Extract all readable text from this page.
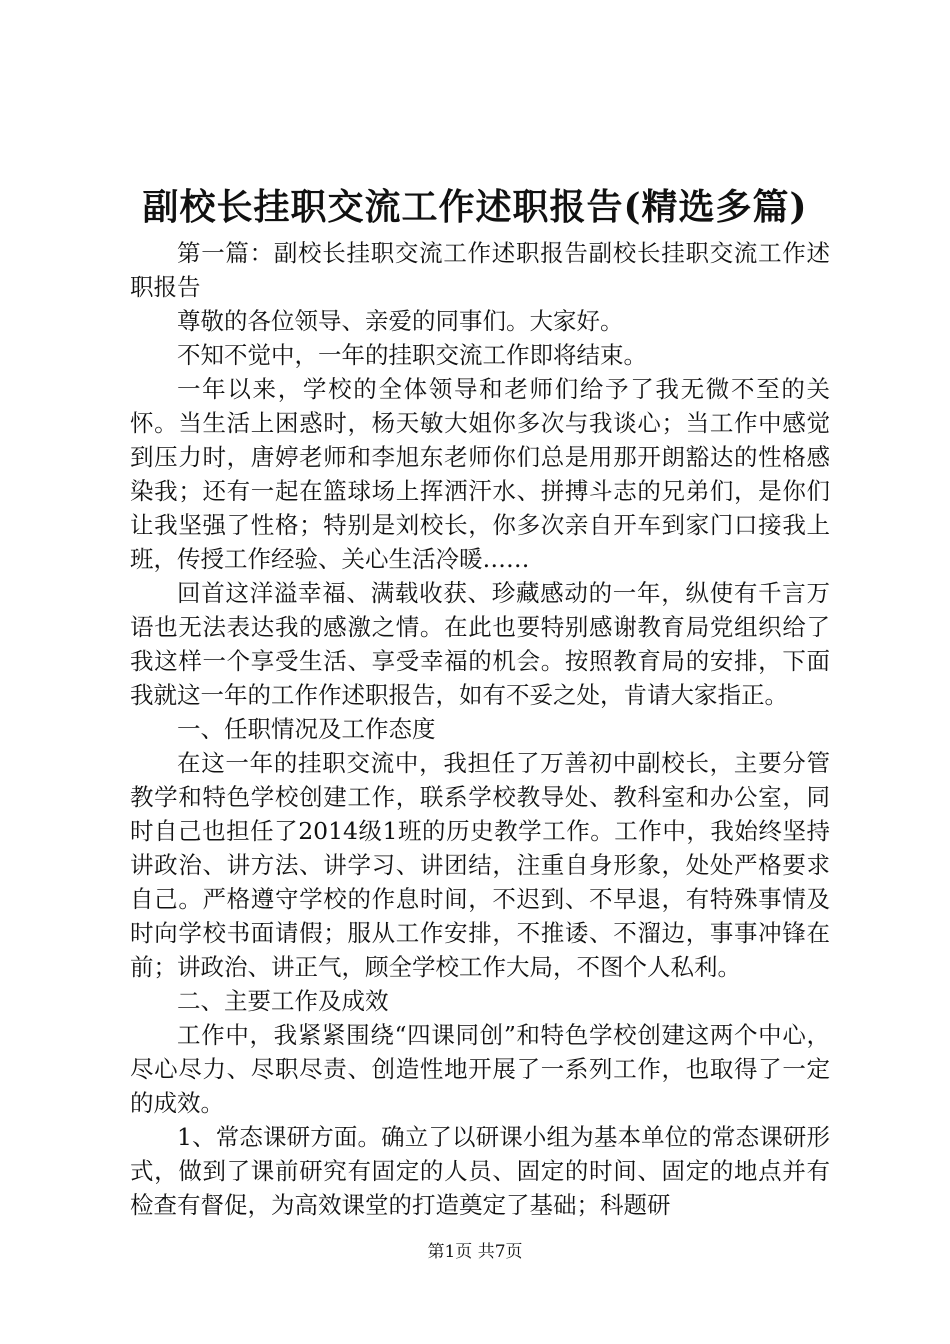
副校长挂职交流工作述职报告(精选多篇)

第一篇：副校长挂职交流工作述职报告副校长挂职交流工作述职报告

尊敬的各位领导、亲爱的同事们。大家好。

不知不觉中，一年的挂职交流工作即将结束。

一年以来，学校的全体领导和老师们给予了我无微不至的关怀。当生活上困惑时，杨天敏大姐你多次与我谈心；当工作中感觉到压力时，唐婷老师和李旭东老师你们总是用那开朗豁达的性格感染我；还有一起在篮球场上挥洒汗水、拼搏斗志的兄弟们，是你们让我坚强了性格；特别是刘校长，你多次亲自开车到家门口接我上班，传授工作经验、关心生活冷暖……

回首这洋溢幸福、满载收获、珍藏感动的一年，纵使有千言万语也无法表达我的感激之情。在此也要特别感谢教育局党组织给了我这样一个享受生活、享受幸福的机会。按照教育局的安排，下面我就这一年的工作作述职报告，如有不妥之处，肯请大家指正。

一、任职情况及工作态度

在这一年的挂职交流中，我担任了万善初中副校长，主要分管教学和特色学校创建工作，联系学校教导处、教科室和办公室，同时自己也担任了2014级1班的历史教学工作。工作中，我始终坚持讲政治、讲方法、讲学习、讲团结，注重自身形象，处处严格要求自己。严格遵守学校的作息时间，不迟到、不早退，有特殊事情及时向学校书面请假；服从工作安排，不推诿、不溜边，事事冲锋在前；讲政治、讲正气，顾全学校工作大局，不图个人私利。

二、主要工作及成效

工作中，我紧紧围绕“四课同创”和特色学校创建这两个中心，尽心尽力、尽职尽责、创造性地开展了一系列工作，也取得了一定的成效。

1、常态课研方面。确立了以研课小组为基本单位的常态课研形式，做到了课前研究有固定的人员、固定的时间、固定的地点并有检查有督促，为高效课堂的打造奠定了基础；科题研

第1页 共7页
